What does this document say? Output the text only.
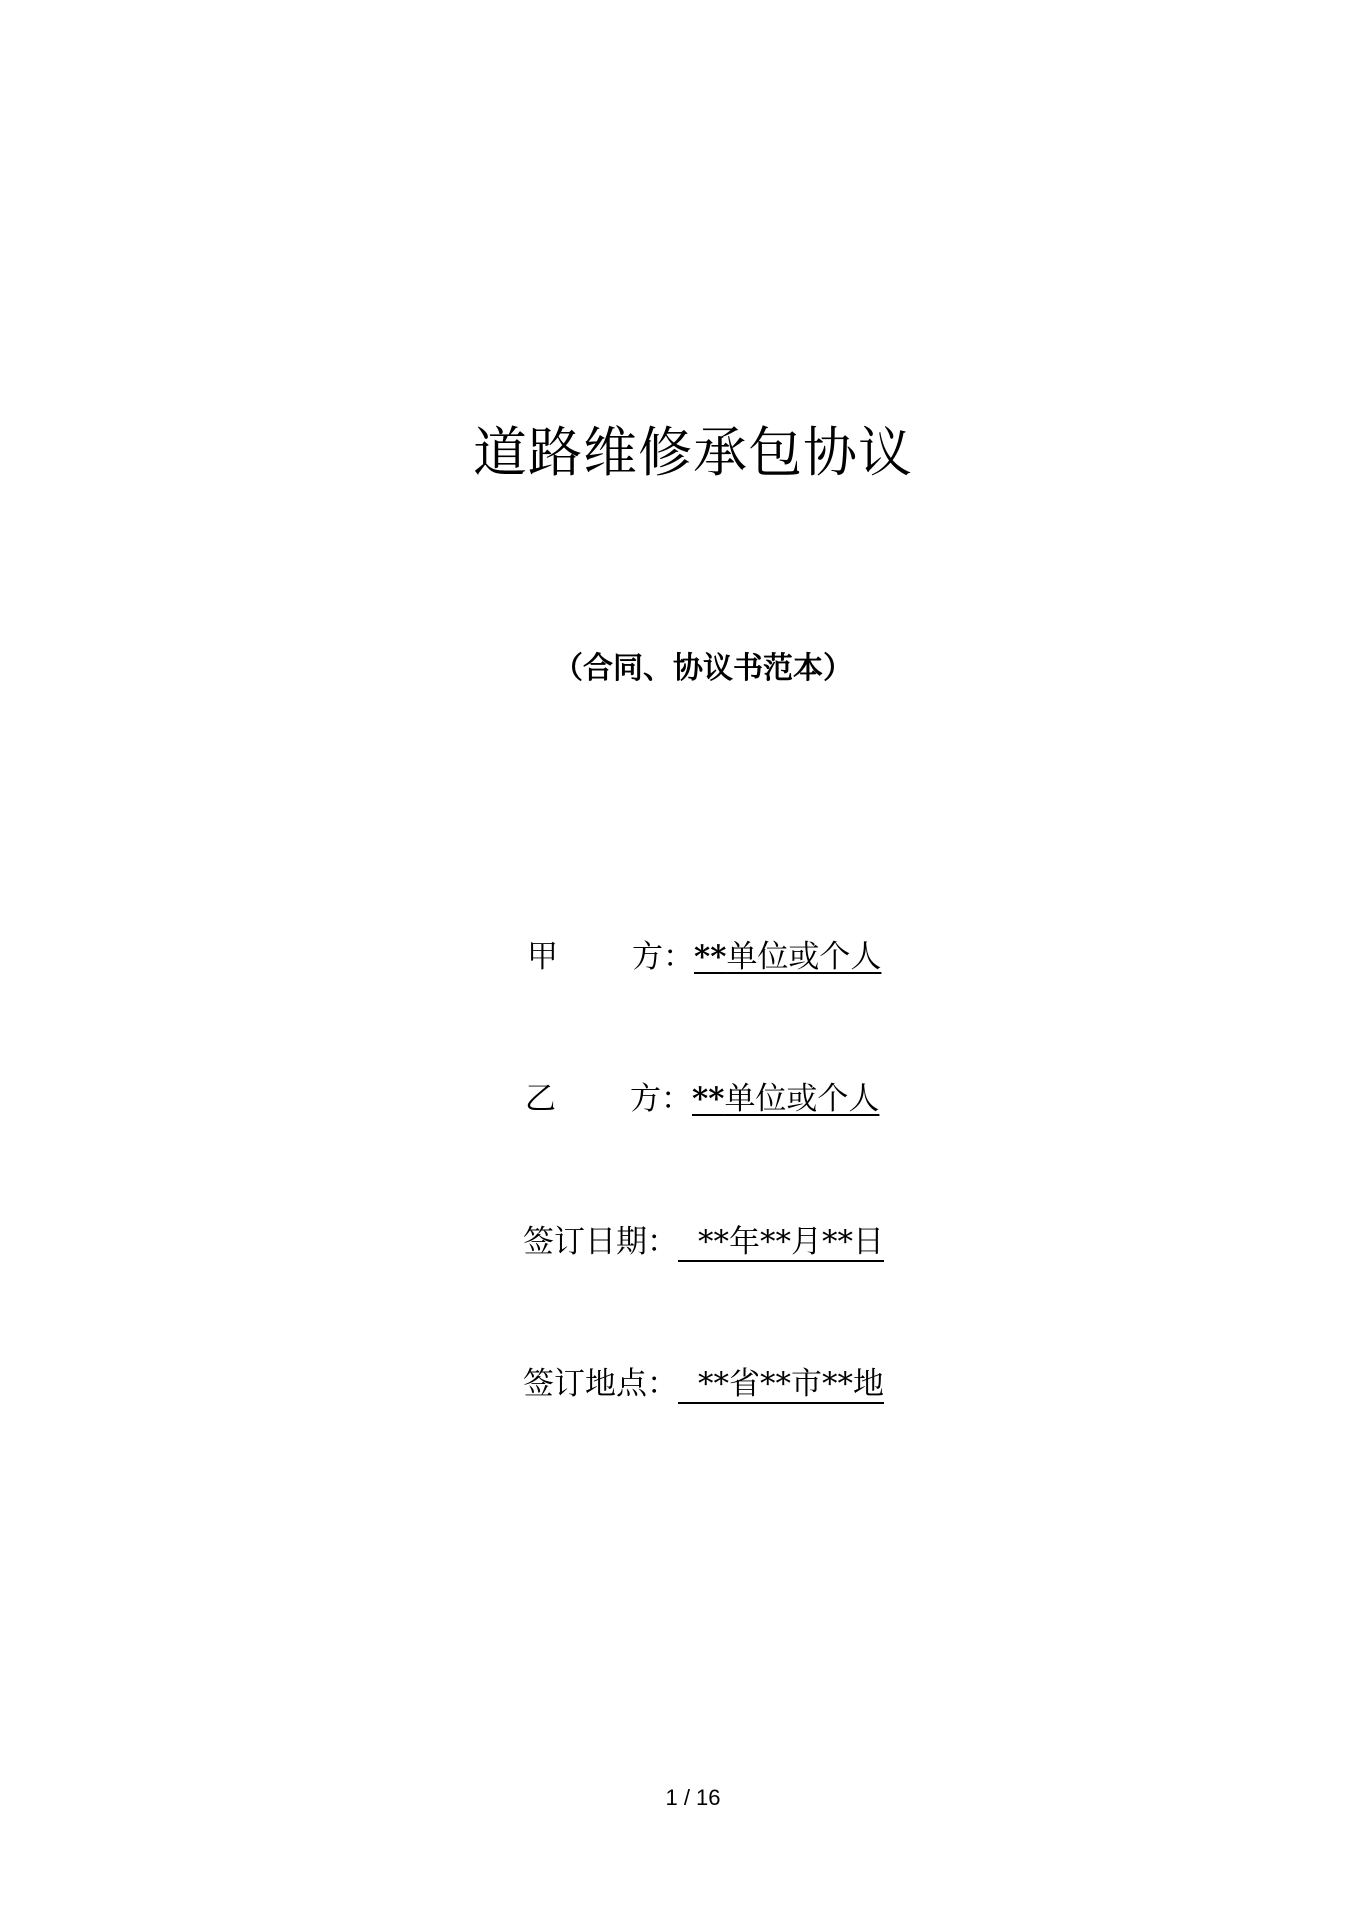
道路维修承包协议
（合同、协议书范本）
甲 方：**单位或个人
乙 方：**单位或个人
签订日期： **年**月**日
签订地点： **省**市**地
1 / 16
